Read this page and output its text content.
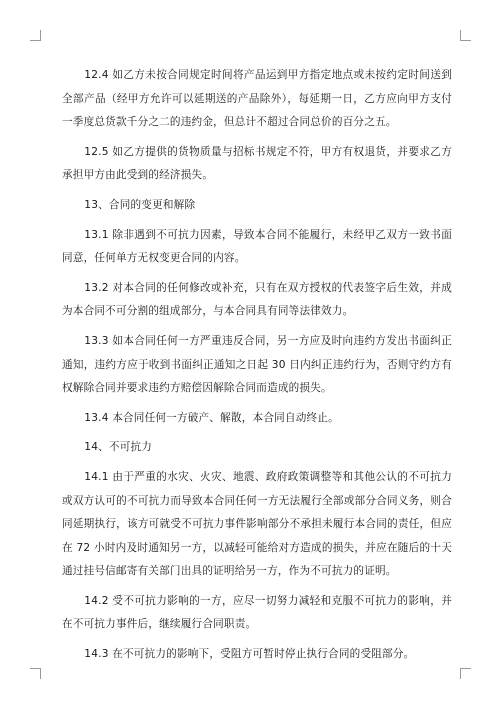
12.4 如乙方未按合同规定时间将产品运到甲方指定地点或未按约定时间送到全部产品（经甲方允许可以延期送的产品除外），每延期一日，乙方应向甲方支付一季度总货款千分之二的违约金，但总计不超过合同总价的百分之五。

12.5 如乙方提供的货物质量与招标书规定不符，甲方有权退货，并要求乙方承担甲方由此受到的经济损失。

13、合同的变更和解除

13.1 除非遇到不可抗力因素，导致本合同不能履行，未经甲乙双方一致书面同意，任何单方无权变更合同的内容。

13.2 对本合同的任何修改或补充，只有在双方授权的代表签字后生效，并成为本合同不可分割的组成部分，与本合同具有同等法律效力。

13.3 如本合同任何一方严重违反合同，另一方应及时向违约方发出书面纠正通知，违约方应于收到书面纠正通知之日起 30 日内纠正违约行为，否则守约方有权解除合同并要求违约方赔偿因解除合同而造成的损失。

13.4 本合同任何一方破产、解散，本合同自动终止。

14、不可抗力

14.1 由于严重的水灾、火灾、地震、政府政策调整等和其他公认的不可抗力或双方认可的不可抗力而导致本合同任何一方无法履行全部或部分合同义务，则合同延期执行，该方可就受不可抗力事件影响部分不承担未履行本合同的责任，但应在 72 小时内及时通知另一方，以减轻可能给对方造成的损失，并应在随后的十天通过挂号信邮寄有关部门出具的证明给另一方，作为不可抗力的证明。

14.2 受不可抗力影响的一方，应尽一切努力减轻和克服不可抗力的影响，并在不可抗力事件后，继续履行合同职责。

14.3 在不可抗力的影响下，受阻方可暂时停止执行合同的受阻部分。
